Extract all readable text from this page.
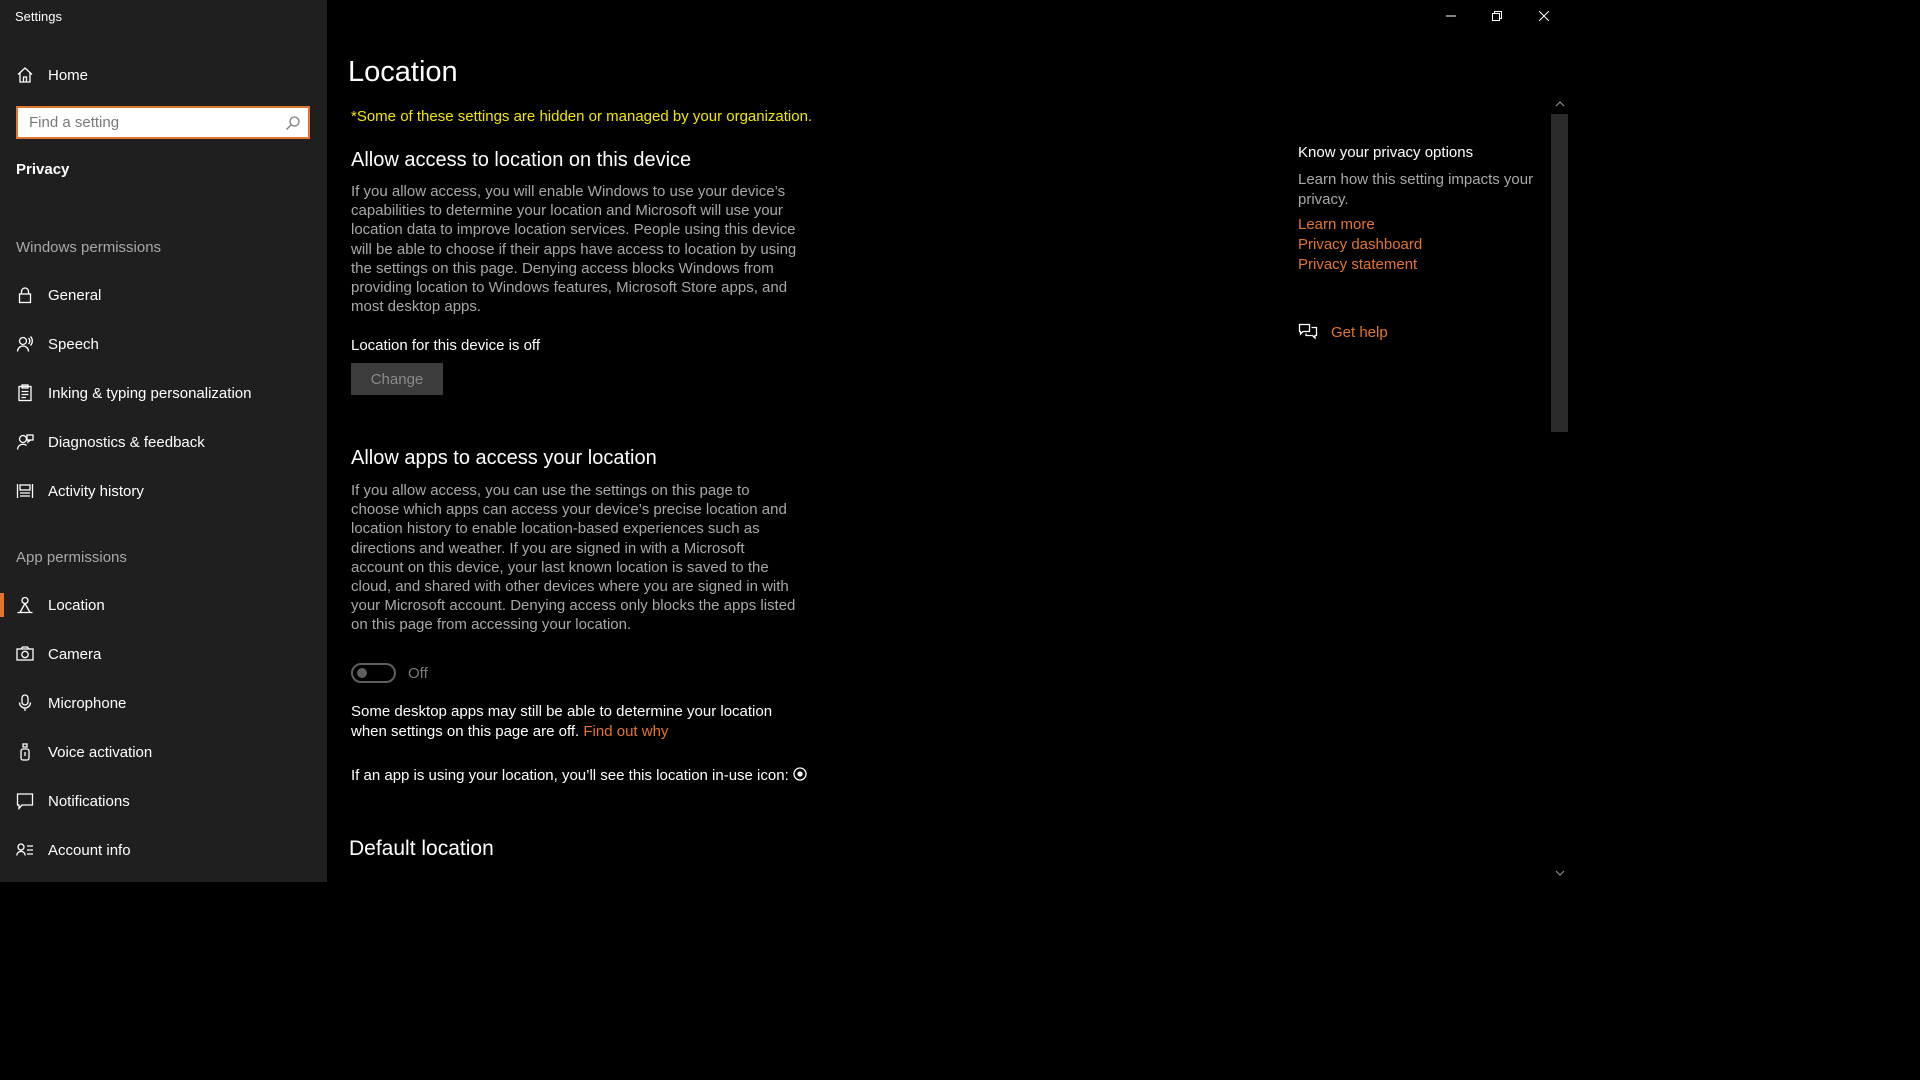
Settings
Home
Find a setting
Privacy
Windows permissions
General
Speech
Inking & typing personalization
Diagnostics & feedback
Activity history
App permissions
Location
Camera
Microphone
Voice activation
Notifications
Account info
Location
*Some of these settings are hidden or managed by your organization.
Allow access to location on this device
If you allow access, you will enable Windows to use your device’s capabilities to determine your location and Microsoft will use your location data to improve location services. People using this device will be able to choose if their apps have access to location by using the settings on this page. Denying access blocks Windows from providing location to Windows features, Microsoft Store apps, and most desktop apps.
Location for this device is off
Change
Allow apps to access your location
If you allow access, you can use the settings on this page to choose which apps can access your device’s precise location and location history to enable location-based experiences such as directions and weather. If you are signed in with a Microsoft account on this device, your last known location is saved to the cloud, and shared with other devices where you are signed in with your Microsoft account. Denying access only blocks the apps listed on this page from accessing your location.
Off
Some desktop apps may still be able to determine your location when settings on this page are off. Find out why
If an app is using your location, you’ll see this location in-use icon:
Default location
Know your privacy options
Learn how this setting impacts your privacy.
Learn more
Privacy dashboard
Privacy statement
Get help
